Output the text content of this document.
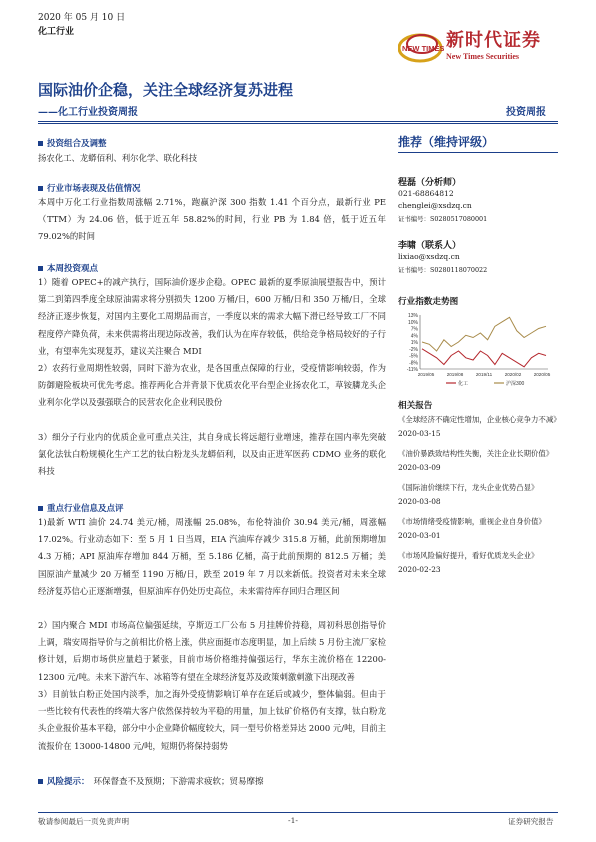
2020 年 05 月 10 日
化工行业
NEW TIMES 新时代证券
New Times Securities
国际油价企稳，关注全球经济复苏进程
——化工行业投资周报	投资周报
投资组合及调整
扬农化工、龙蟒佰利、利尔化学、联化科技
行业市场表现及估值情况
本周中万化工行业指数周涨幅 2.71%，跑赢沪深 300 指数 1.41 个百分点，最新行业 PE（TTM）为 24.06 倍，低于近五年 58.82%的时间，行业 PB 为 1.84 倍，低于近五年 79.02%的时间
本周投资观点
1）随着 OPEC+的减产执行，国际油价逐步企稳。OPEC 最新的夏季原油展望报告中，预计第二到第四季度全球原油需求将分别损失 1200 万桶/日，600 万桶/日和 350 万桶/日，全球经济正逐步恢复，对国内主要化工周期品而言，一季度以来的需求大幅下滑已经导致工厂不同程度停产降负荷，未来供需将出现边际改善，我们认为在库存较低，供给竞争格局较好的子行业，有望率先实现复苏，建议关注聚合 MDI
2）农药行业周期性较弱，同时下游为农业，是各国重点保障的行业，受疫情影响较弱，作为防御避险板块可优先考虑。推荐两化合并背景下优质农化平台型企业扬农化工，草铵膦龙头企业利尔化学以及强强联合的民营农化企业利民股份
3）细分子行业内的优质企业可重点关注，其自身成长将远超行业增速，推荐在国内率先突破氯化法钛白粉规模化生产工艺的钛白粉龙头龙蟒佰利，以及由正进军医药 CDMO 业务的联化科技
重点行业信息及点评
1)最新 WTI 油价 24.74 美元/桶，周涨幅 25.08%，布伦特油价 30.94 美元/桶，周涨幅 17.02%。行业动态如下：至 5 月 1 日当周，EIA 汽油库存减少 315.8 万桶，此前预期增加 4.3 万桶；API 原油库存增加 844 万桶，至 5.186 亿桶，高于此前预期的 812.5 万桶；美国原油产量减少 20 万桶至 1190 万桶/日，跌至 2019 年 7 月以来新低。投资者对未来全球经济复苏信心正逐渐增强，但原油库存仍处历史高位，未来需待库存回归合理区间
2）国内聚合 MDI 市场高位偏强延续，亨斯迈工厂公布 5 月挂牌价持稳，周初科思创指导价上调，瑞安周指导价与之前相比价格上涨，供应面挺市态度明显，加上后续 5 月份主流厂家检修计划，后期市场供应量趋于紧张，目前市场价格维持偏强运行，华东主流价格在 12200-12300 元/吨。未来下游汽车、冰箱等有望在全球经济复苏及政策刺激刺激下出现改善
3）目前钛白粉正处国内淡季，加之海外受疫情影响订单存在延后或减少，整体偏弱。但由于一些比较有代表性的终端大客户依然保持较为平稳的用量，加上钛矿价格仍有支撑，钛白粉龙头企业报价基本平稳，部分中小企业降价幅度较大，同一型号价格差异达 2000 元/吨，目前主流报价在 13000-14800 元/吨，短期仍将保持弱势
风险提示： 环保督查不及预期；下游需求疲软；贸易摩擦
推荐（维持评级）
程磊（分析师）
021-68864812
chenglei@xsdzq.cn
证书编号：S0280517080001
李啸（联系人）
lixiao@xsdzq.cn
证书编号：S0280118070022
行业指数走势图
13%
10%
7%
4%
1%
-2%
-5%
-8%
-11%
2019/05	2019/08	2019/11	2020/02	2020/05
化工	沪深300
相关报告
《全球经济不确定性增加，企业核心竞争力不减》2020-03-15
《油价暴跌致结构性失衡，关注企业长期价值》2020-03-09
《国际油价继续下行，龙头企业优势凸显》2020-03-08
《市场情绪受疫情影响，重视企业自身价值》2020-03-01
《市场风险偏好提升，看好优质龙头企业》2020-02-23
敬请参阅最后一页免责声明	-1-	证券研究报告
